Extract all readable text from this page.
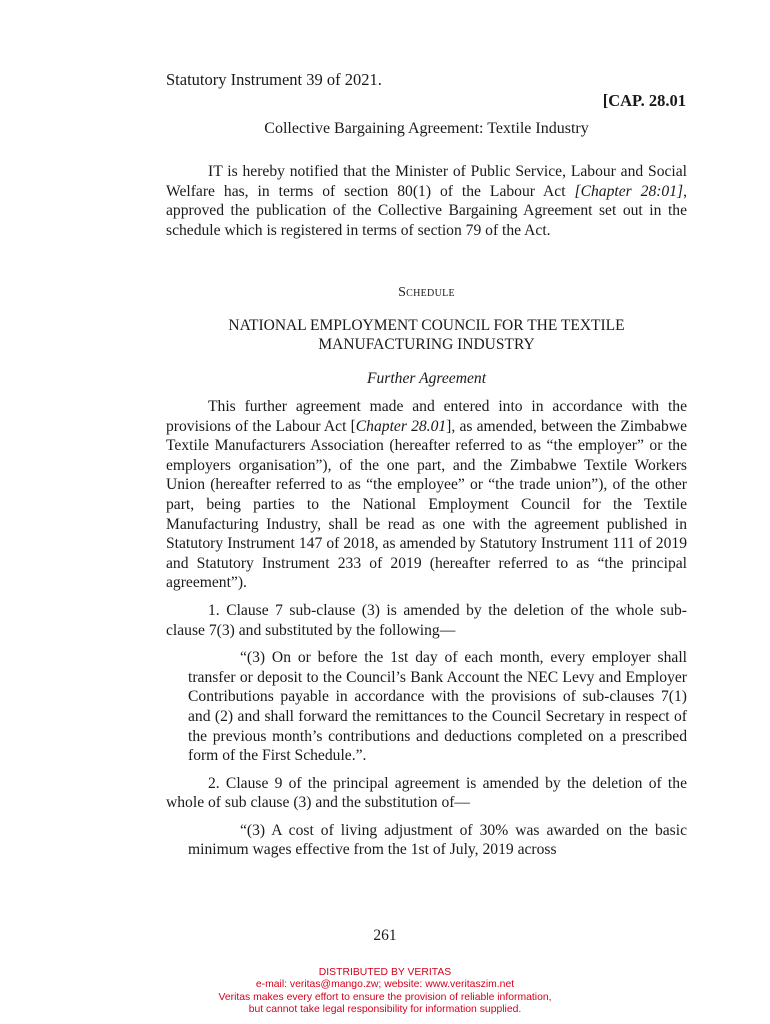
Statutory Instrument 39 of 2021.
[CAP. 28.01
Collective Bargaining Agreement: Textile Industry

IT is hereby notified that the Minister of Public Service, Labour and Social Welfare has, in terms of section 80(1) of the Labour Act [Chapter 28:01], approved the publication of the Collective Bargaining Agreement set out in the schedule which is registered in terms of section 79 of the Act.

Schedule
NATIONAL EMPLOYMENT COUNCIL FOR THE TEXTILE
MANUFACTURING INDUSTRY
Further Agreement

This further agreement made and entered into in accordance with the provisions of the Labour Act [Chapter 28.01], as amended, between the Zimbabwe Textile Manufacturers Association (hereafter referred to as “the employer” or the employers organisation”), of the one part, and the Zimbabwe Textile Workers Union (hereafter referred to as “the employee” or “the trade union”), of the other part, being parties to the National Employment Council for the Textile Manufacturing Industry, shall be read as one with the agreement published in Statutory Instrument 147 of 2018, as amended by Statutory Instrument 111 of 2019 and Statutory Instrument 233 of 2019 (hereafter referred to as “the principal agreement”).

1. Clause 7 sub-clause (3) is amended by the deletion of the whole sub-clause 7(3) and substituted by the following—

“(3) On or before the 1st day of each month, every employer shall transfer or deposit to the Council’s Bank Account the NEC Levy and Employer Contributions payable in accordance with the provisions of sub-clauses 7(1) and (2) and shall forward the remittances to the Council Secretary in respect of the previous month’s contributions and deductions completed on a prescribed form of the First Schedule.”.

2. Clause 9 of the principal agreement is amended by the deletion of the whole of sub clause (3) and the substitution of—

“(3) A cost of living adjustment of 30% was awarded on the basic minimum wages effective from the 1st of July, 2019 across

261
DISTRIBUTED BY VERITAS
e-mail: veritas@mango.zw; website: www.veritaszim.net
Veritas makes every effort to ensure the provision of reliable information,
but cannot take legal responsibility for information supplied.
